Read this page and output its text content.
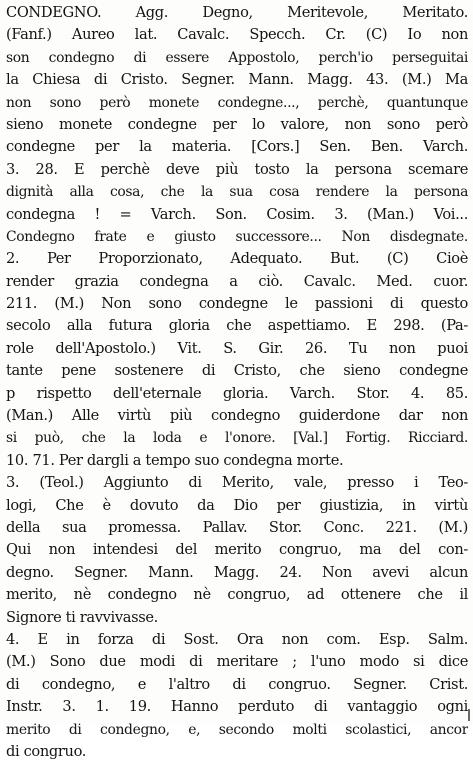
CONDEGNO. Agg. Degno, Meritevole, Meritato.
(Fanf.) Aureo lat. Cavalc. Specch. Cr. (C) Io non
son condegno di essere Appostolo, perch'io perseguitai
la Chiesa di Cristo. Segner. Mann. Magg. 43. (M.) Ma
non sono però monete condegne..., perchè, quantunque
sieno monete condegne per lo valore, non sono però
condegne per la materia. [Cors.] Sen. Ben. Varch.
3. 28. E perchè deve più tosto la persona scemare
dignità alla cosa, che la sua cosa rendere la persona
condegna ! = Varch. Son. Cosim. 3. (Man.) Voi...
Condegno frate e giusto successore... Non disdegnate.
2. Per Proporzionato, Adequato. But. (C) Cioè
render grazia condegna a ciò. Cavalc. Med. cuor.
211. (M.) Non sono condegne le passioni di questo
secolo alla futura gloria che aspettiamo. E 298. (Pa-
role dell'Apostolo.) Vit. S. Gir. 26. Tu non puoi
tante pene sostenere di Cristo, che sieno condegne
p rispetto dell'eternale gloria. Varch. Stor. 4. 85.
(Man.) Alle virtù più condegno guiderdone dar non
si può, che la loda e l'onore. [Val.] Fortig. Ricciard.
10. 71. Per dargli a tempo suo condegna morte.
3. (Teol.) Aggiunto di Merito, vale, presso i Teo-
logi, Che è dovuto da Dio per giustizia, in virtù
della sua promessa. Pallav. Stor. Conc. 221. (M.)
Qui non intendesi del merito congruo, ma del con-
degno. Segner. Mann. Magg. 24. Non avevi alcun
merito, nè condegno nè congruo, ad ottenere che il
Signore ti ravvivasse.
4. E in forza di Sost. Ora non com. Esp. Salm.
(M.) Sono due modi di meritare ; l'uno modo si dice
di condegno, e l'altro di congruo. Segner. Crist.
Instr. 3. 1. 19. Hanno perduto di vantaggio ogni
merito di condegno, e, secondo molti scolastici, ancor
di congruo.
